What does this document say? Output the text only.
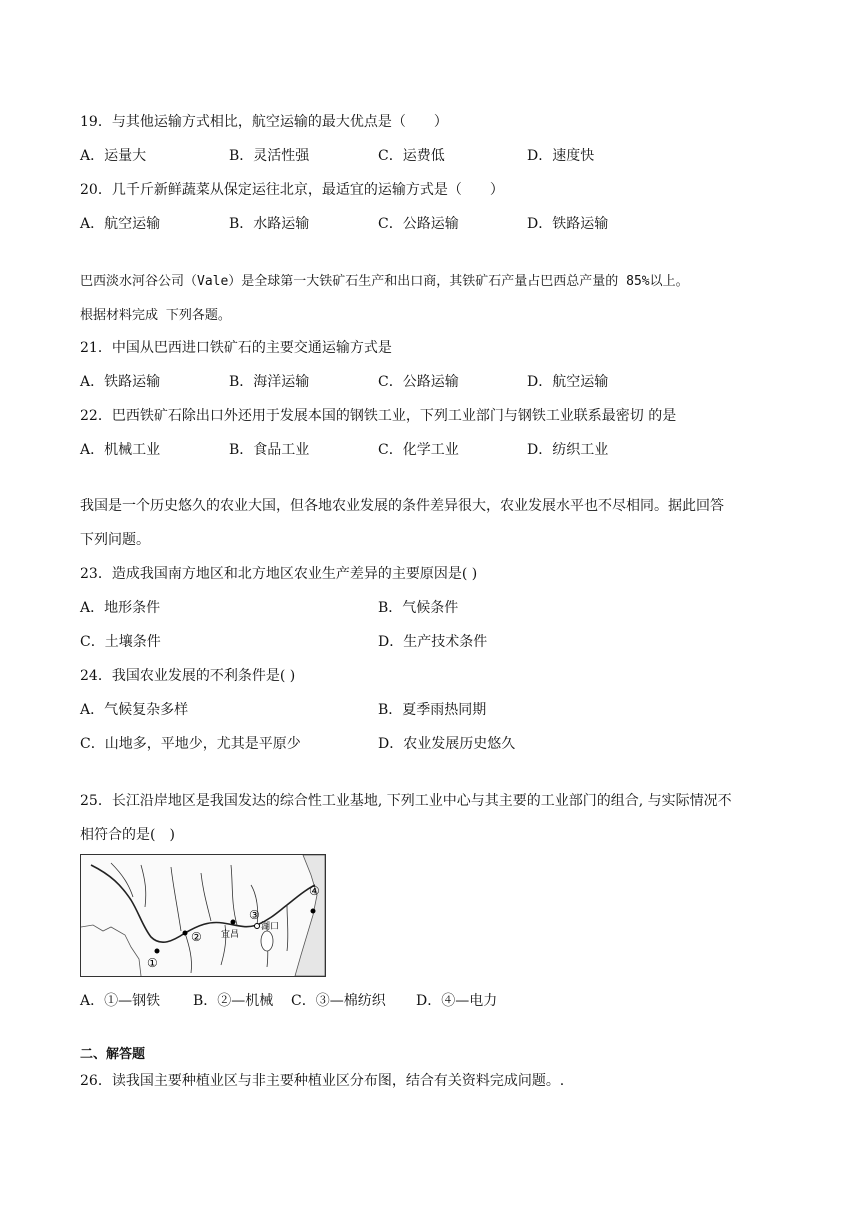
19．与其他运输方式相比，航空运输的最大优点是（　　）
A．运量大	B．灵活性强	C．运费低	D．速度快
20．几千斤新鲜蔬菜从保定运往北京，最适宜的运输方式是（　　）
A．航空运输	B．水路运输	C．公路运输	D．铁路运输
巴西淡水河谷公司（Vale）是全球第一大铁矿石生产和出口商，其铁矿石产量占巴西总产量的 85%以上。
根据材料完成 下列各题。
21．中国从巴西进口铁矿石的主要交通运输方式是
A．铁路运输	B．海洋运输	C．公路运输	D．航空运输
22．巴西铁矿石除出口外还用于发展本国的钢铁工业，下列工业部门与钢铁工业联系最密切 的是
A．机械工业	B．食品工业	C．化学工业	D．纺织工业
我国是一个历史悠久的农业大国，但各地农业发展的条件差异很大，农业发展水平也不尽相同。据此回答
下列问题。
23．造成我国南方地区和北方地区农业生产差异的主要原因是( )
A．地形条件	B．气候条件
C．土壤条件	D．生产技术条件
24．我国农业发展的不利条件是( )
A．气候复杂多样	B．夏季雨热同期
C．山地多，平地少，尤其是平原少	D．农业发展历史悠久
25．长江沿岸地区是我国发达的综合性工业基地, 下列工业中心与其主要的工业部门的组合, 与实际情况不
相符合的是(　)
①
②
③
④
宜昌
湖口
A．①—钢铁 B．②—机械 C．③—棉纺织 D．④—电力
二、解答题
26．读我国主要种植业区与非主要种植业区分布图，结合有关资料完成问题。.
